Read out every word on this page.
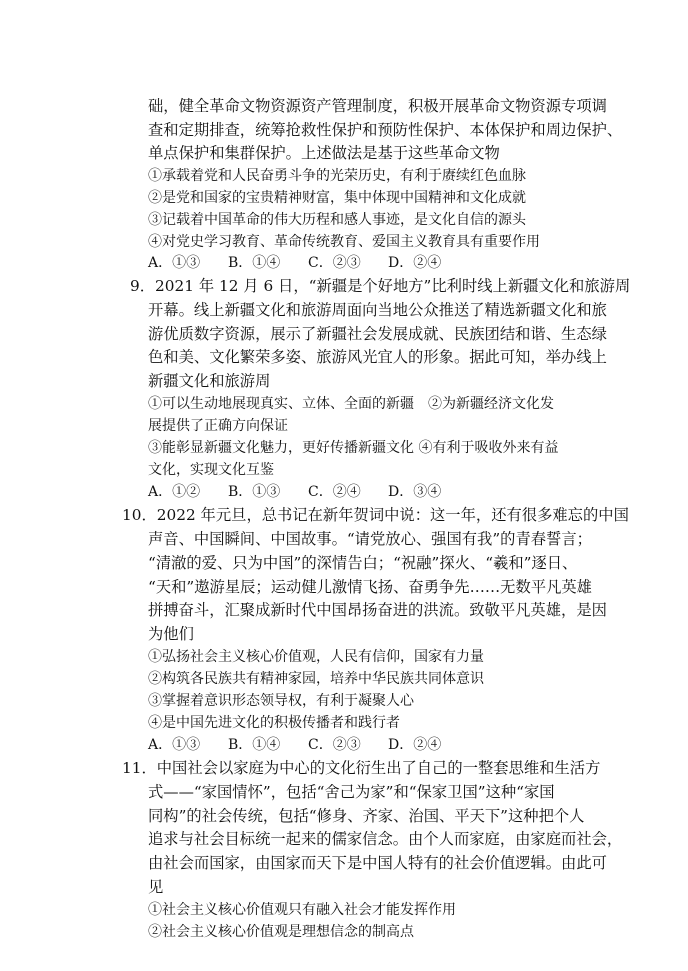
础，健全革命文物资源资产管理制度，积极开展革命文物资源专项调
查和定期排查，统筹抢救性保护和预防性保护、本体保护和周边保护、
单点保护和集群保护。上述做法是基于这些革命文物
①承载着党和人民奋勇斗争的光荣历史，有利于赓续红色血脉
②是党和国家的宝贵精神财富，集中体现中国精神和文化成就
③记载着中国革命的伟大历程和感人事迹，是文化自信的源头
④对党史学习教育、革命传统教育、爱国主义教育具有重要作用
A．①③ B．①④ C．②③ D．②④
9．2021 年 12 月 6 日，“新疆是个好地方”比利时线上新疆文化和旅游周
开幕。线上新疆文化和旅游周面向当地公众推送了精选新疆文化和旅
游优质数字资源，展示了新疆社会发展成就、民族团结和谐、生态绿
色和美、文化繁荣多姿、旅游风光宜人的形象。据此可知，举办线上
新疆文化和旅游周
①可以生动地展现真实、立体、全面的新疆　②为新疆经济文化发
展提供了正确方向保证
③能彰显新疆文化魅力，更好传播新疆文化 ④有利于吸收外来有益
文化，实现文化互鉴
A．①② B．①③ C．②④ D．③④
10．2022 年元旦，总书记在新年贺词中说：这一年，还有很多难忘的中国
声音、中国瞬间、中国故事。“请党放心、强国有我”的青春誓言；
“清澈的爱、只为中国”的深情告白；“祝融”探火、“羲和”逐日、
“天和”遨游星辰；运动健儿激情飞扬、奋勇争先……无数平凡英雄
拼搏奋斗，汇聚成新时代中国昂扬奋进的洪流。致敬平凡英雄，是因
为他们
①弘扬社会主义核心价值观，人民有信仰，国家有力量
②构筑各民族共有精神家园，培养中华民族共同体意识
③掌握着意识形态领导权，有利于凝聚人心
④是中国先进文化的积极传播者和践行者
A．①③ B．①④ C．②③ D．②④
11．中国社会以家庭为中心的文化衍生出了自己的一整套思维和生活方
式——“家国情怀”，包括“舍己为家”和“保家卫国”这种“家国
同构”的社会传统，包括“修身、齐家、治国、平天下”这种把个人
追求与社会目标统一起来的儒家信念。由个人而家庭，由家庭而社会，
由社会而国家，由国家而天下是中国人特有的社会价值逻辑。由此可
见
①社会主义核心价值观只有融入社会才能发挥作用
②社会主义核心价值观是理想信念的制高点
